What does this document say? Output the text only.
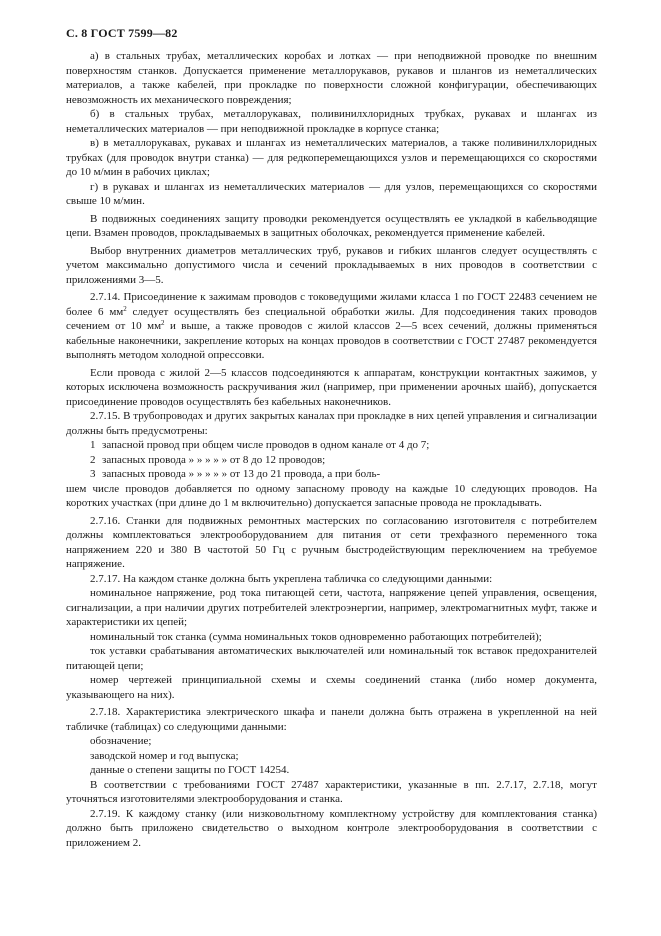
С. 8 ГОСТ 7599—82

а) в стальных трубах, металлических коробах и лотках — при неподвижной проводке по внешним поверхностям станков. Допускается применение металлорукавов, рукавов и шлангов из неметаллических материалов, а также кабелей, при прокладке по поверхности сложной конфигурации, обеспечивающих невозможность их механического повреждения;

б) в стальных трубах, металлорукавах, поливинилхлоридных трубках, рукавах и шлангах из неметаллических материалов — при неподвижной прокладке в корпусе станка;

в) в металлорукавах, рукавах и шлангах из неметаллических материалов, а также поливинилхлоридных трубках (для проводок внутри станка) — для редкоперемещающихся узлов и перемещающихся со скоростями до 10 м/мин в рабочих циклах;

г) в рукавах и шлангах из неметаллических материалов — для узлов, перемещающихся со скоростями свыше 10 м/мин.

В подвижных соединениях защиту проводки рекомендуется осуществлять ее укладкой в кабельводящие цепи. Взамен проводов, прокладываемых в защитных оболочках, рекомендуется применение кабелей.

Выбор внутренних диаметров металлических труб, рукавов и гибких шлангов следует осуществлять с учетом максимально допустимого числа и сечений прокладываемых в них проводов в соответствии с приложениями 3—5.

2.7.14. Присоединение к зажимам проводов с токоведущими жилами класса 1 по ГОСТ 22483 сечением не более 6 $мм^2$ следует осуществлять без специальной обработки жилы. Для подсоединения таких проводов сечением от 10 $мм^2$ и выше, а также проводов с жилой классов 2—5 всех сечений, должны применяться кабельные наконечники, закрепление которых на концах проводов в соответствии с ГОСТ 27487 рекомендуется выполнять методом холодной опрессовки.

Если провода с жилой 2—5 классов подсоединяются к аппаратам, конструкции контактных зажимов, у которых исключена возможность раскручивания жил (например, при применении арочных шайб), допускается присоединение проводов осуществлять без кабельных наконечников.

2.7.15. В трубопроводах и других закрытых каналах при прокладке в них цепей управления и сигнализации должны быть предусмотрены:

1 запасной провод при общем числе проводов в одном канале от 4 до 7;
2 запасных провода » » » » » от 8 до 12 проводов;
3 запасных провода » » » » » от 13 до 21 провода, а при боль-

шем числе проводов добавляется по одному запасному проводу на каждые 10 следующих проводов. На коротких участках (при длине до 1 м включительно) допускается запасные провода не прокладывать.

2.7.16. Станки для подвижных ремонтных мастерских по согласованию изготовителя с потребителем должны комплектоваться электрооборудованием для питания от сети трехфазного переменного тока напряжением 220 и 380 В частотой 50 Гц с ручным быстродействующим переключением на требуемое напряжение.

2.7.17. На каждом станке должна быть укреплена табличка со следующими данными:

номинальное напряжение, род тока питающей сети, частота, напряжение цепей управления, освещения, сигнализации, а при наличии других потребителей электроэнергии, например, электромагнитных муфт, также и характеристики их цепей;

номинальный ток станка (сумма номинальных токов одновременно работающих потребителей);

ток уставки срабатывания автоматических выключателей или номинальный ток вставок предохранителей питающей цепи;

номер чертежей принципиальной схемы и схемы соединений станка (либо номер документа, указывающего на них).

2.7.18. Характеристика электрического шкафа и панели должна быть отражена в укрепленной на ней табличке (таблицах) со следующими данными:

обозначение;

заводской номер и год выпуска;

данные о степени защиты по ГОСТ 14254.

В соответствии с требованиями ГОСТ 27487 характеристики, указанные в пп. 2.7.17, 2.7.18, могут уточняться изготовителями электрооборудования и станка.

2.7.19. К каждому станку (или низковольтному комплектному устройству для комплектования станка) должно быть приложено свидетельство о выходном контроле электрооборудования в соответствии с приложением 2.
